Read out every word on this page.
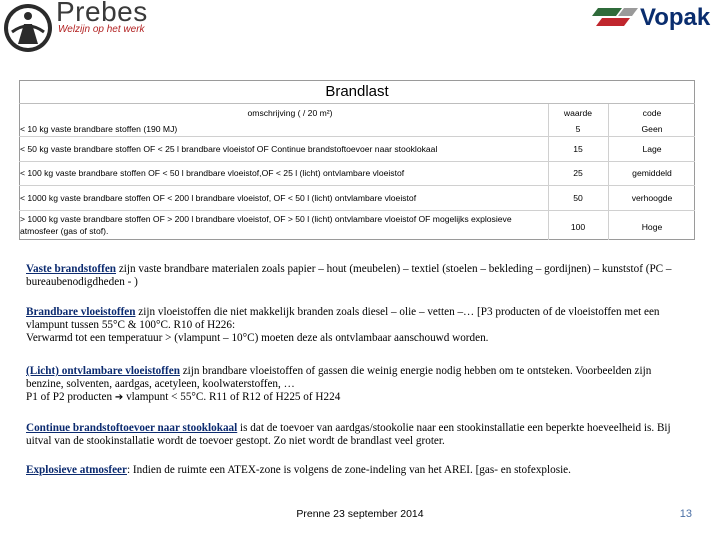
Prebes
Welzijn op het werk	Vopak
Brandlast
omschrijving ( / 20 m²)	waarde	code
< 10 kg vaste brandbare stoffen (190 MJ)	5	Geen
< 50 kg vaste brandbare stoffen OF < 25 l brandbare vloeistof OF Continue brandstoftoevoer naar stooklokaal	15	Lage
< 100 kg vaste brandbare stoffen OF < 50 l brandbare vloeistof,OF < 25 l (licht) ontvlambare vloeistof	25	gemiddeld
< 1000 kg vaste brandbare stoffen OF < 200 l brandbare vloeistof, OF < 50 l (licht) ontvlambare vloeistof	50	verhoogde
> 1000 kg vaste brandbare stoffen OF > 200 l brandbare vloeistof, OF > 50 l (licht) ontvlambare vloeistof OF mogelijks explosieve atmosfeer (gas of stof).	100	Hoge
Vaste brandstoffen zijn vaste brandbare materialen zoals papier – hout (meubelen) – textiel (stoelen – bekleding – gordijnen) – kunststof (PC – bureaubenodigdheden - )
Brandbare vloeistoffen zijn vloeistoffen die niet makkelijk branden zoals diesel – olie – vetten –… [P3 producten of de vloeistoffen met een vlampunt tussen 55°C & 100°C. R10 of H226:
Verwarmd tot een temperatuur > (vlampunt – 10°C) moeten deze als ontvlambaar aanschouwd worden.
(Licht) ontvlambare vloeistoffen zijn brandbare vloeistoffen of gassen die weinig energie nodig hebben om te ontsteken. Voorbeelden zijn benzine, solventen, aardgas, acetyleen, koolwaterstoffen, …
P1 of P2 producten ➔ vlampunt < 55°C. R11 of R12 of H225 of H224
Continue brandstoftoevoer naar stooklokaal is dat de toevoer van aardgas/stookolie naar een stookinstallatie een beperkte hoeveelheid is. Bij uitval van de stookinstallatie wordt de toevoer gestopt. Zo niet wordt de brandlast veel groter.
Explosieve atmosfeer: Indien de ruimte een ATEX-zone is volgens de zone-indeling van het AREI. [gas- en stofexplosie.
Prenne 23 september 2014	13
